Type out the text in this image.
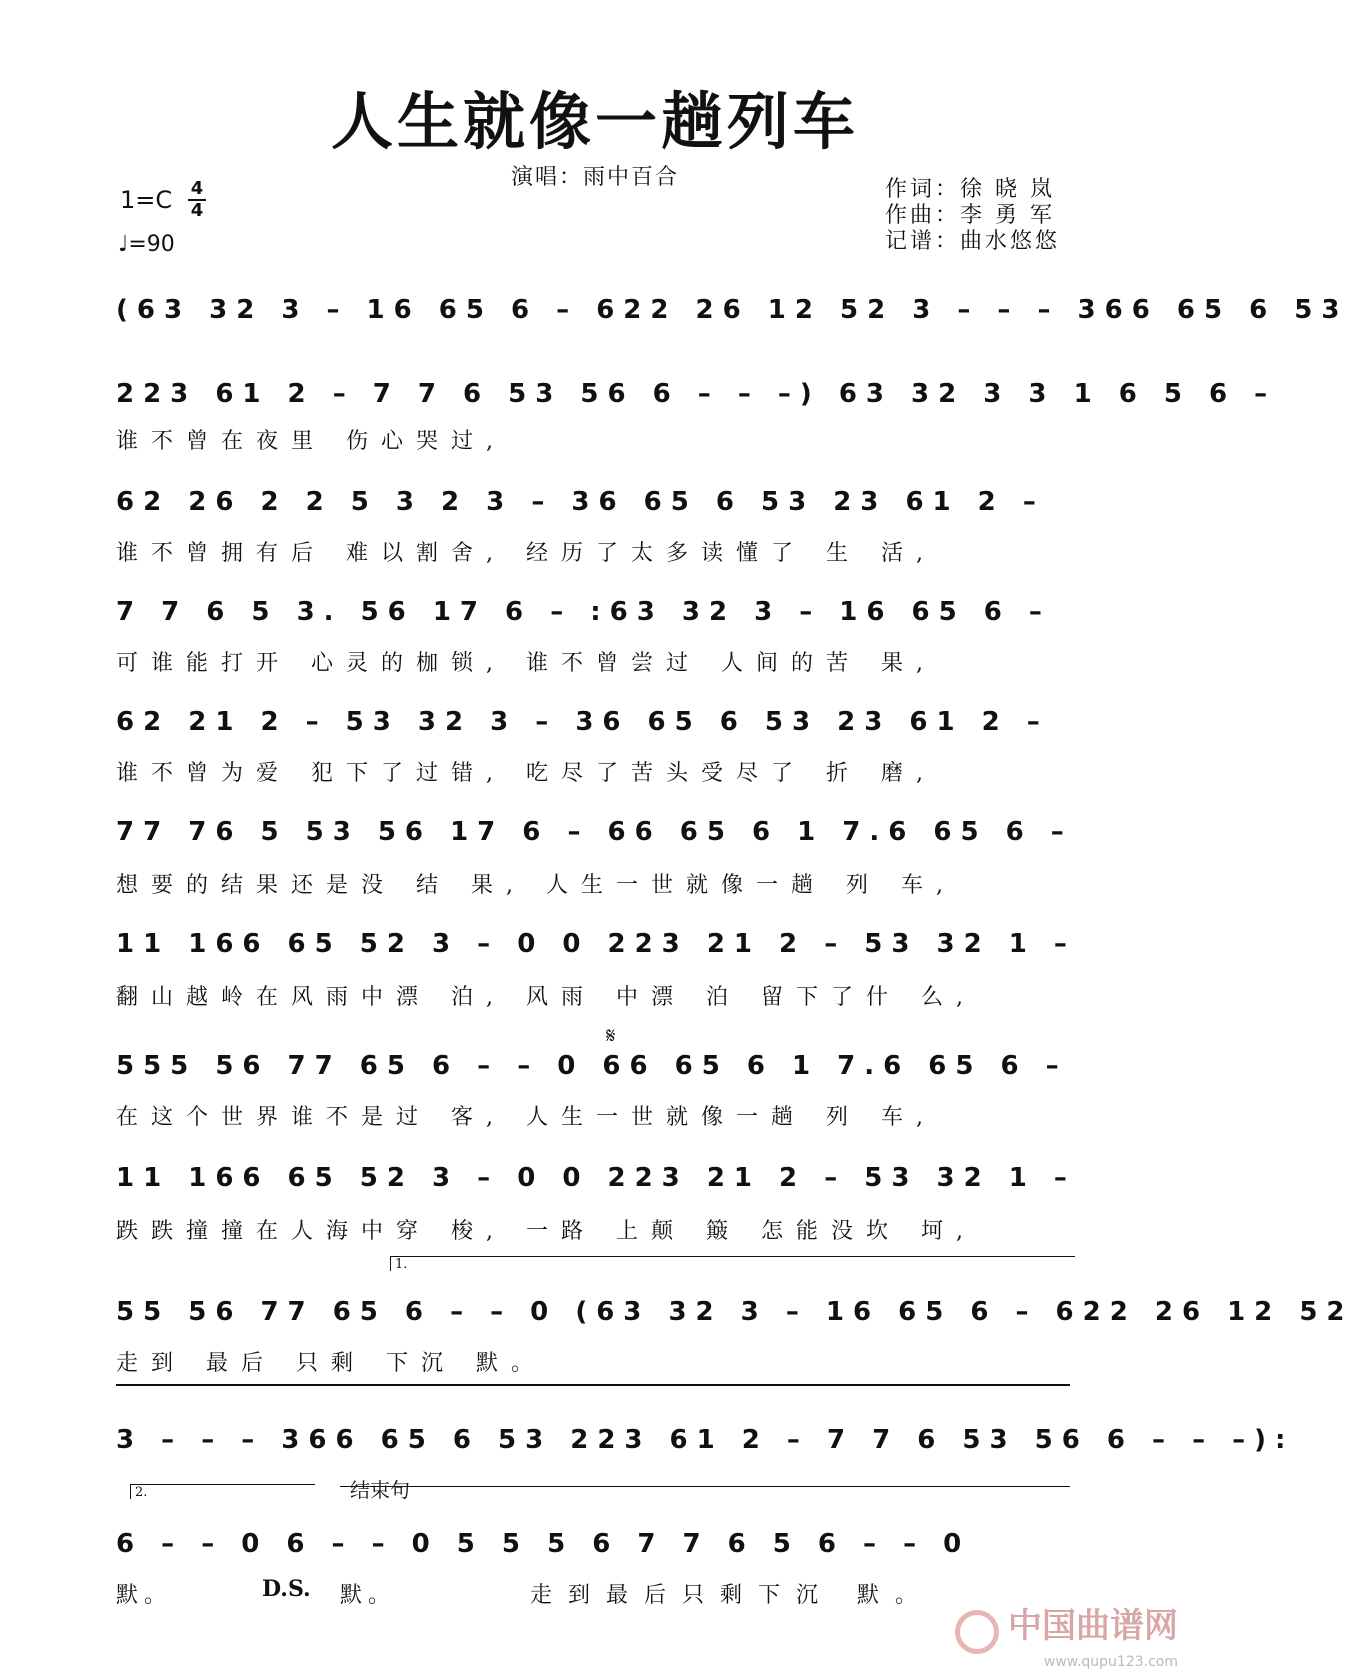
人生就像一趟列车
演唱：雨中百合
1=C 4
4
♩=90
作词：徐 晓 岚
作曲：李 勇 军
记谱：曲水悠悠
(63 32 3 – 16 65 6 – 622 26 12 52 3 – – – 366 65 6 53
223 61 2 – 7 7 6 53 56 6 – – –) 63 32 3 3 1 6 5 6 –
谁不曾在夜里 伤心哭过,
62 26 2 2 5 3 2 3 – 36 65 6 53 23 61 2 –
谁不曾拥有后 难以割舍, 经历了太多读懂了 生 活,
7 7 6 5 3. 56 17 6 – :63 32 3 – 16 65 6 –
可谁能打开 心灵的枷锁, 谁不曾尝过 人间的苦 果,
62 21 2 – 53 32 3 – 36 65 6 53 23 61 2 –
谁不曾为爱 犯下了过错, 吃尽了苦头受尽了 折 磨,
77 76 5 53 56 17 6 – 66 65 6 1 7.6 65 6 –
想要的结果还是没 结 果, 人生一世就像一趟 列 车,
11 166 65 52 3 – 0 0 223 21 2 – 53 32 1 –
翻山越岭在风雨中漂 泊, 风雨 中漂 泊 留下了什 么,
𝄋
555 56 77 65 6 – – 0 66 65 6 1 7.6 65 6 –
在这个世界谁不是过 客, 人生一世就像一趟 列 车,
11 166 65 52 3 – 0 0 223 21 2 – 53 32 1 –
跌跌撞撞在人海中穿 梭, 一路 上颠 簸 怎能没坎 坷,
1.
55 56 77 65 6 – – 0 (63 32 3 – 16 65 6 – 622 26 12 52
走到 最后 只剩 下沉 默。
3 – – – 366 65 6 53 223 61 2 – 7 7 6 53 56 6 – – –):
2.	结束句
6 – – 0 6 – – 0 5 5 5 6 7 7 6 5 6 – – 0
默。	D.S. 默。	走到最后只剩下沉 默。
中国曲谱网
www.qupu123.com
